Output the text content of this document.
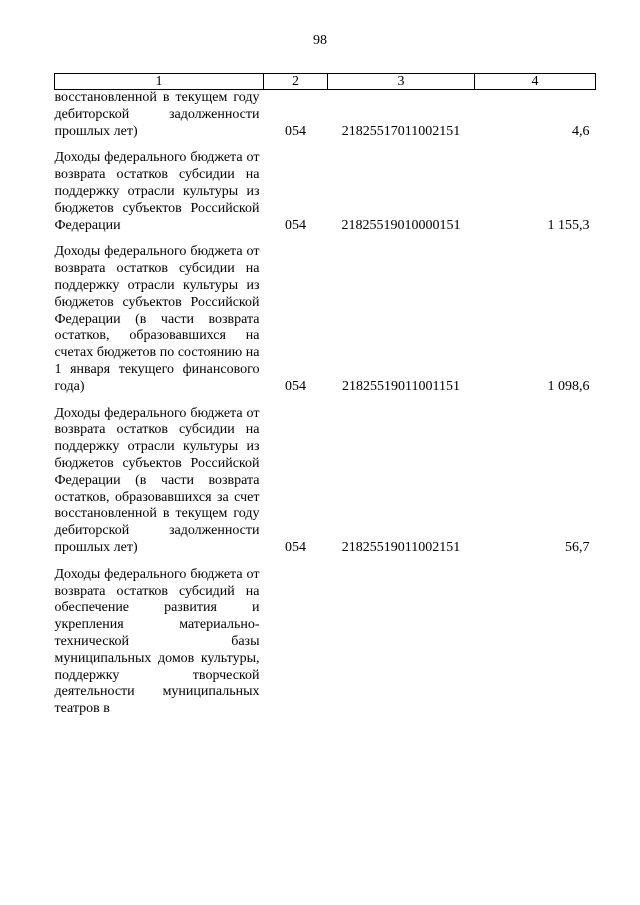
98
1	2	3	4
восстановленной в текущем году дебиторской задолженности прошлых лет)	054	21825517011002151	4,6

Доходы федерального бюджета от возврата остатков субсидии на поддержку отрасли культуры из бюджетов субъектов Российской Федерации	054	21825519010000151	1 155,3

Доходы федерального бюджета от возврата остатков субсидии на поддержку отрасли культуры из бюджетов субъектов Российской Федерации (в части возврата остатков, образовавшихся на счетах бюджетов по состоянию на 1 января текущего финансового года)	054	21825519011001151	1 098,6

Доходы федерального бюджета от возврата остатков субсидии на поддержку отрасли культуры из бюджетов субъектов Российской Федерации (в части возврата остатков, образовавшихся за счет восстановленной в текущем году дебиторской задолженности прошлых лет)	054	21825519011002151	56,7

Доходы федерального бюджета от возврата остатков субсидий на обеспечение развития и укрепления материально-технической базы муниципальных домов культуры, поддержку творческой деятельности муниципальных театров в			
